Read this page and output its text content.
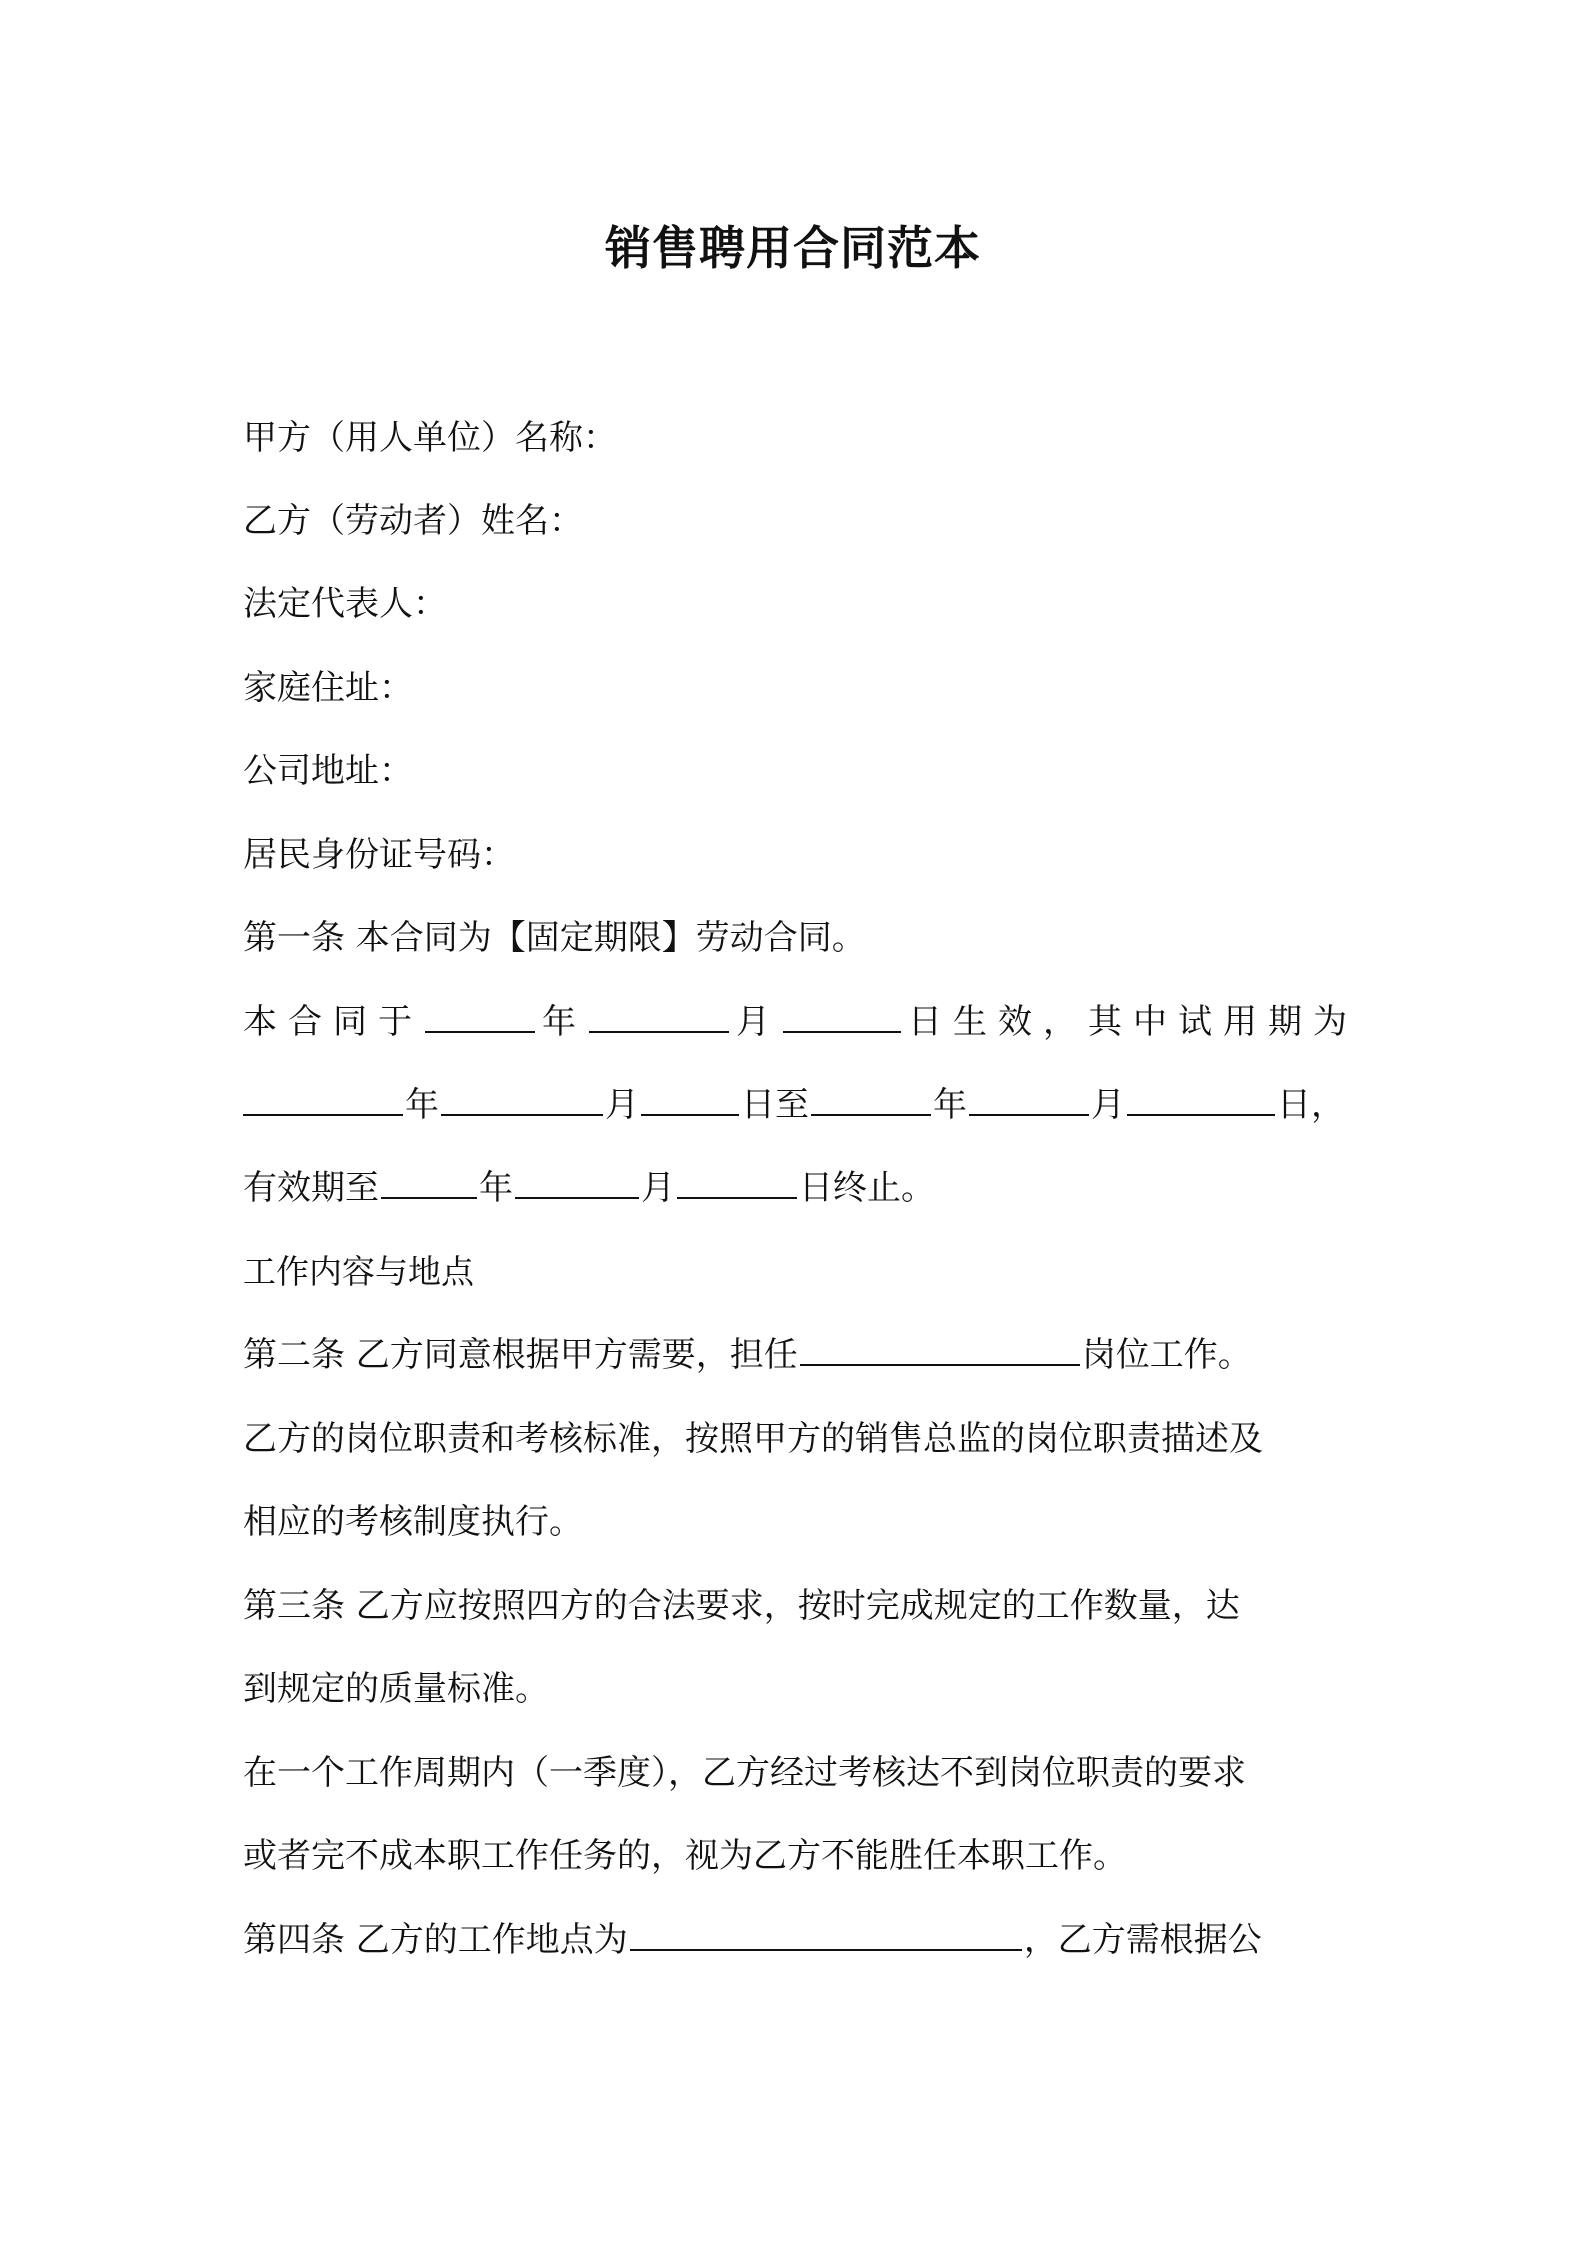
销售聘用合同范本
甲方（用人单位）名称：
乙方（劳动者）姓名：
法定代表人：
家庭住址：
公司地址：
居民身份证号码：
第一条 本合同为【固定期限】劳动合同。
本合同于	年	月	日生效，其中试用期为
年	月	日至	年	月	日，
有效期至	年	月	日终止。
工作内容与地点
第二条 乙方同意根据甲方需要，担任	岗位工作。
乙方的岗位职责和考核标准，按照甲方的销售总监的岗位职责描述及
相应的考核制度执行。
第三条 乙方应按照四方的合法要求，按时完成规定的工作数量，达
到规定的质量标准。
在一个工作周期内（一季度），乙方经过考核达不到岗位职责的要求
或者完不成本职工作任务的，视为乙方不能胜任本职工作。
第四条 乙方的工作地点为	，乙方需根据公
